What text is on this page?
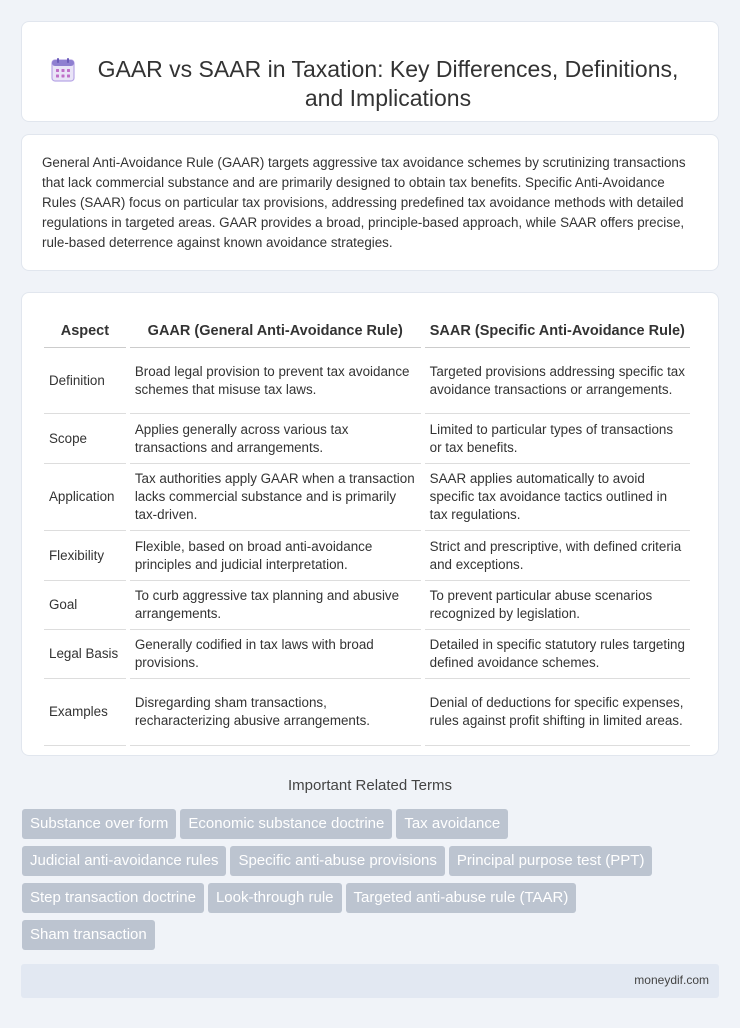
GAAR vs SAAR in Taxation: Key Differences, Definitions, and Implications

General Anti-Avoidance Rule (GAAR) targets aggressive tax avoidance schemes by scrutinizing transactions that lack commercial substance and are primarily designed to obtain tax benefits. Specific Anti-Avoidance Rules (SAAR) focus on particular tax provisions, addressing predefined tax avoidance methods with detailed regulations in targeted areas. GAAR provides a broad, principle-based approach, while SAAR offers precise, rule-based deterrence against known avoidance strategies.

Aspect	GAAR (General Anti-Avoidance Rule)	SAAR (Specific Anti-Avoidance Rule)
Definition	Broad legal provision to prevent tax avoidance schemes that misuse tax laws.	Targeted provisions addressing specific tax avoidance transactions or arrangements.
Scope	Applies generally across various tax transactions and arrangements.	Limited to particular types of transactions or tax benefits.
Application	Tax authorities apply GAAR when a transaction lacks commercial substance and is primarily tax-driven.	SAAR applies automatically to avoid specific tax avoidance tactics outlined in tax regulations.
Flexibility	Flexible, based on broad anti-avoidance principles and judicial interpretation.	Strict and prescriptive, with defined criteria and exceptions.
Goal	To curb aggressive tax planning and abusive arrangements.	To prevent particular abuse scenarios recognized by legislation.
Legal Basis	Generally codified in tax laws with broad provisions.	Detailed in specific statutory rules targeting defined avoidance schemes.
Examples	Disregarding sham transactions, recharacterizing abusive arrangements.	Denial of deductions for specific expenses, rules against profit shifting in limited areas.
Important Related Terms
Substance over form Economic substance doctrine Tax avoidance
Judicial anti-avoidance rules Specific anti-abuse provisions Principal purpose test (PPT)
Step transaction doctrine Look-through rule Targeted anti-abuse rule (TAAR)
Sham transaction
moneydif.com
